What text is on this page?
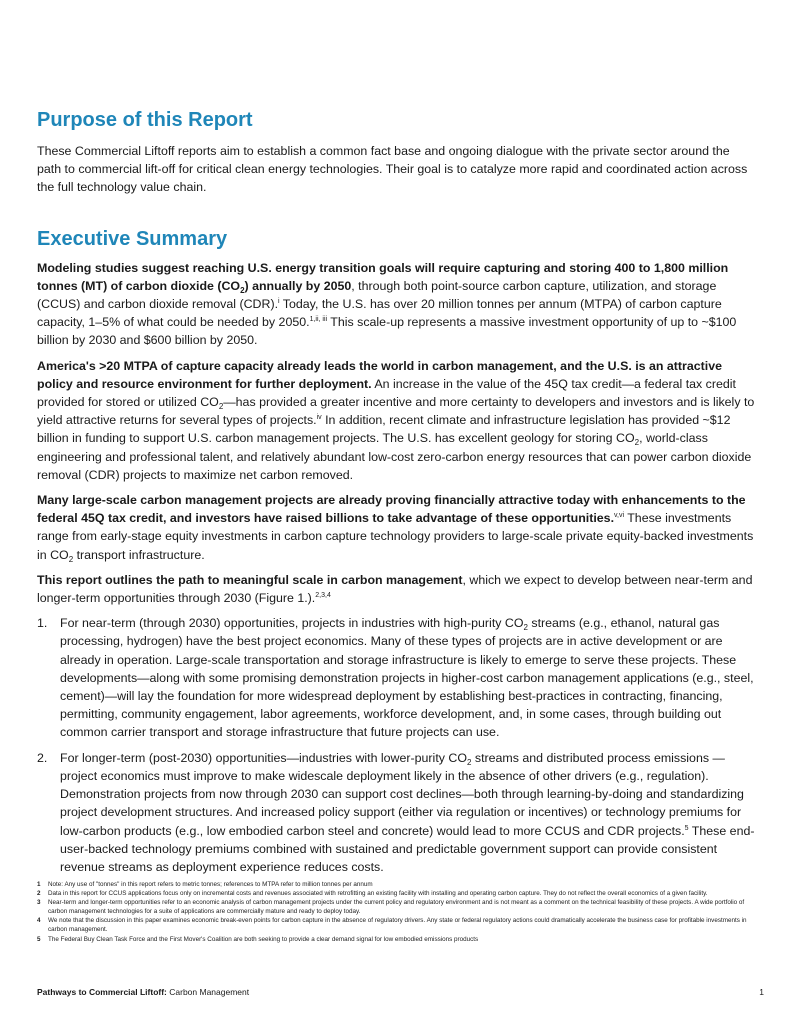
Purpose of this Report

These Commercial Liftoff reports aim to establish a common fact base and ongoing dialogue with the private sector around the path to commercial lift-off for critical clean energy technologies. Their goal is to catalyze more rapid and coordinated action across the full technology value chain.

Executive Summary

Modeling studies suggest reaching U.S. energy transition goals will require capturing and storing 400 to 1,800 million tonnes (MT) of carbon dioxide $(CO_2)$ annually by 2050, through both point-source carbon capture, utilization, and storage (CCUS) and carbon dioxide removal (CDR).$^i$ Today, the U.S. has over 20 million tonnes per annum (MTPA) of carbon capture capacity, 1–5% of what could be needed by 2050.$^{1,ii, iii}$ This scale-up represents a massive investment opportunity of up to ~$100 billion by 2030 and $600 billion by 2050.

America's >20 MTPA of capture capacity already leads the world in carbon management, and the U.S. is an attractive policy and resource environment for further deployment. An increase in the value of the 45Q tax credit—a federal tax credit provided for stored or utilized $CO_2—has$ provided a greater incentive and more certainty to developers and investors and is likely to yield attractive returns for several types of projects.$^{iv}$ In addition, recent climate and infrastructure legislation has provided ~$12 billion in funding to support U.S. carbon management projects. The U.S. has excellent geology for storing $CO_2$, world-class engineering and professional talent, and relatively abundant low-cost zero-carbon energy resources that can power carbon dioxide removal (CDR) projects to maximize net carbon removed.

Many large-scale carbon management projects are already proving financially attractive today with enhancements to the federal 45Q tax credit, and investors have raised billions to take advantage of these opportunities.$^{v,vi}$ These investments range from early-stage equity investments in carbon capture technology providers to large-scale private equity-backed investments in $CO_2$ transport infrastructure.

This report outlines the path to meaningful scale in carbon management, which we expect to develop between near-term and longer-term opportunities through 2030 (Figure 1.).$^{2,3,4}$

1. For near-term (through 2030) opportunities, projects in industries with high-purity $CO_2$ streams (e.g., ethanol, natural gas processing, hydrogen) have the best project economics. Many of these types of projects are in active development or are already in operation. Large-scale transportation and storage infrastructure is likely to emerge to serve these projects. These developments—along with some promising demonstration projects in higher-cost carbon management applications (e.g., steel, cement)—will lay the foundation for more widespread deployment by establishing best-practices in contracting, financing, permitting, community engagement, labor agreements, workforce development, and, in some cases, through building out common carrier transport and storage infrastructure that future projects can use.
2. For longer-term (post-2030) opportunities—industries with lower-purity $CO_2$ streams and distributed process emissions —project economics must improve to make widescale deployment likely in the absence of other drivers (e.g., regulation). Demonstration projects from now through 2030 can support cost declines—both through learning-by-doing and standardizing project development structures. And increased policy support (either via regulation or incentives) or technology premiums for low-carbon products (e.g., low embodied carbon steel and concrete) would lead to more CCUS and CDR projects.$^5$ These end-user-backed technology premiums combined with sustained and predictable government support can provide consistent revenue streams as deployment experience reduces costs.
1 Note: Any use of "tonnes" in this report refers to metric tonnes; references to MTPA refer to million tonnes per annum
2 Data in this report for CCUS applications focus only on incremental costs and revenues associated with retrofitting an existing facility with installing and operating carbon capture. They do not reflect the overall economics of a given facility.
3 Near-term and longer-term opportunities refer to an economic analysis of carbon management projects under the current policy and regulatory environment and is not meant as a comment on the technical feasibility of these projects. A wide portfolio of carbon management technologies for a suite of applications are commercially mature and ready to deploy today.
4 We note that the discussion in this paper examines economic break-even points for carbon capture in the absence of regulatory drivers. Any state or federal regulatory actions could dramatically accelerate the business case for profitable investments in carbon management.
5 The Federal Buy Clean Task Force and the First Mover's Coalition are both seeking to provide a clear demand signal for low embodied emissions products
Pathways to Commercial Liftoff: Carbon Management	1
